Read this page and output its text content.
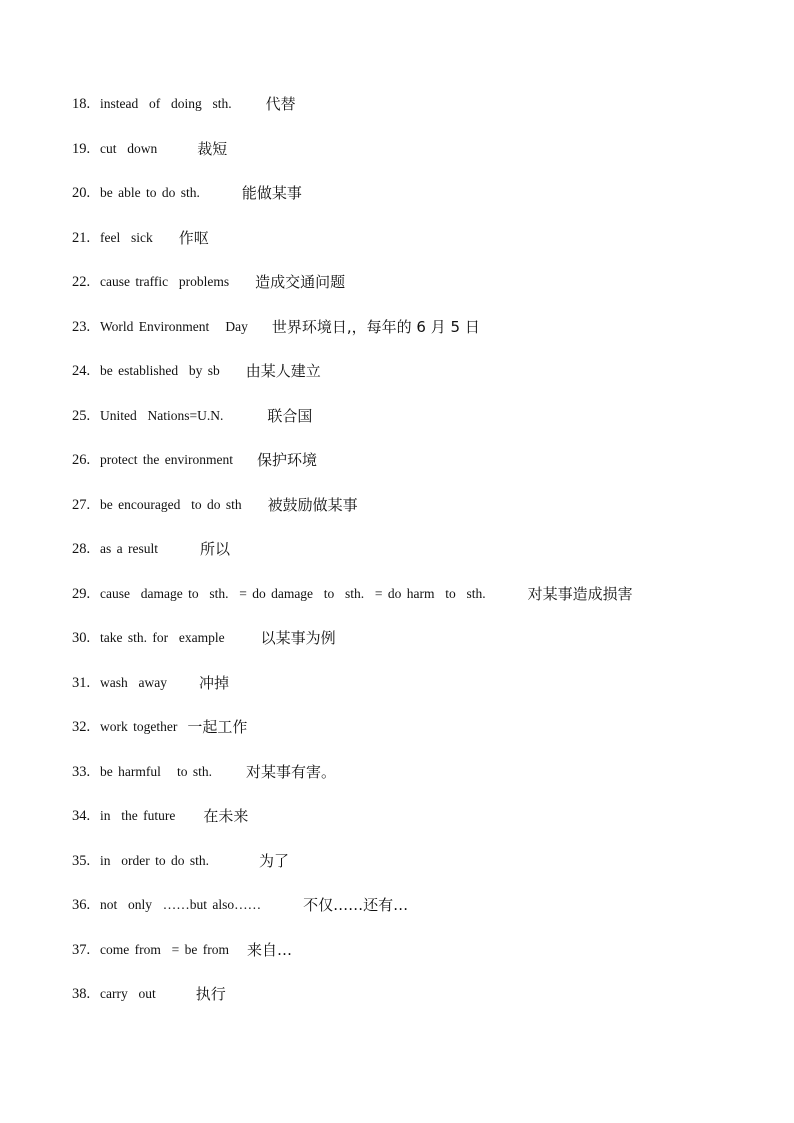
18. instead  of  doing  sth. 代替
19. cut  down	裁短
20. be able to do sth.	能做某事
21. feel  sick 作呕
22. cause traffic  problems 造成交通问题
23. World Environment   Day 世界环境日,，每年的 6 月 5 日
24. be established  by sb 由某人建立
25. United  Nations=U.N.	联合国
26. protect the environment 保护环境
27. be encouraged  to do sth 被鼓励做某事
28. as a result	所以
29. cause  damage to  sth.  = do damage  to  sth.  = do harm  to  sth.	对某事造成损害
30. take sth. for  example 以某事为例
31. wash  away 冲掉
32. work together 一起工作
33. be harmful   to sth. 对某事有害。
34. in  the future 在未来
35. in  order to do sth.	为了
36. not  only  ……but also……	不仅……还有…
37. come from  = be from 来自…
38. carry  out	执行
